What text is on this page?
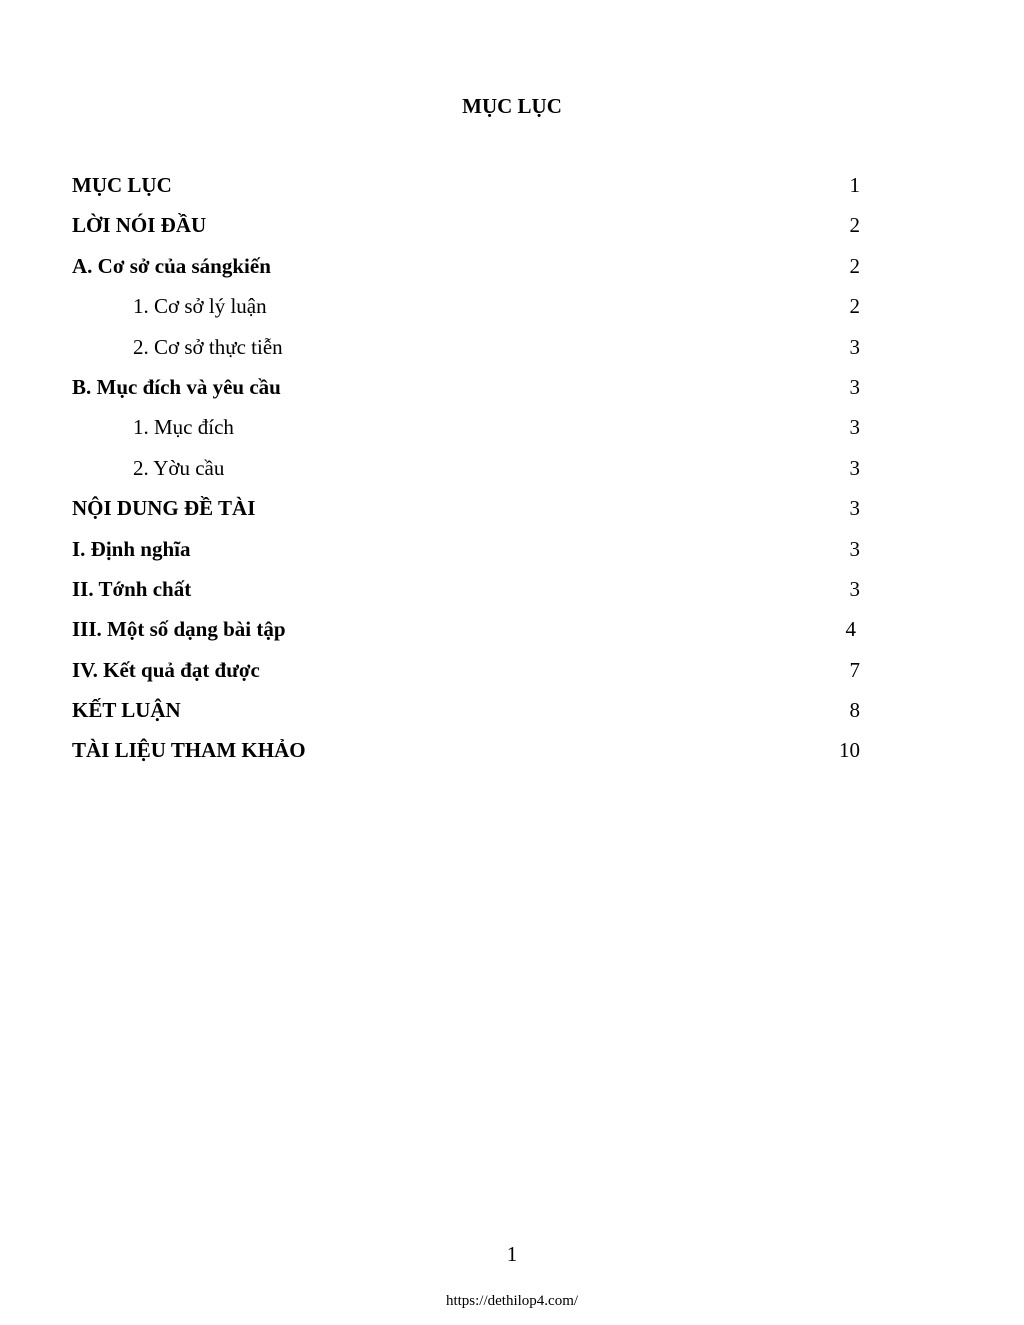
MỤC LỤC
MỤC LỤC	1
LỜI NÓI ĐẦU	2
A. Cơ sở của sángkiến	2
1. Cơ sở lý luận	2
2. Cơ sở thực tiễn	3
B. Mục đích và yêu cầu	3
1. Mục đích	3
2. Yờu cầu	3
NỘI DUNG ĐỀ TÀI	3
I. Định nghĩa	3
II. Tớnh chất	3
III. Một số dạng bài tập	4
IV. Kết quả đạt được	7
KẾT LUẬN	8
TÀI LIỆU THAM KHẢO	10
1
https://dethilop4.com/
